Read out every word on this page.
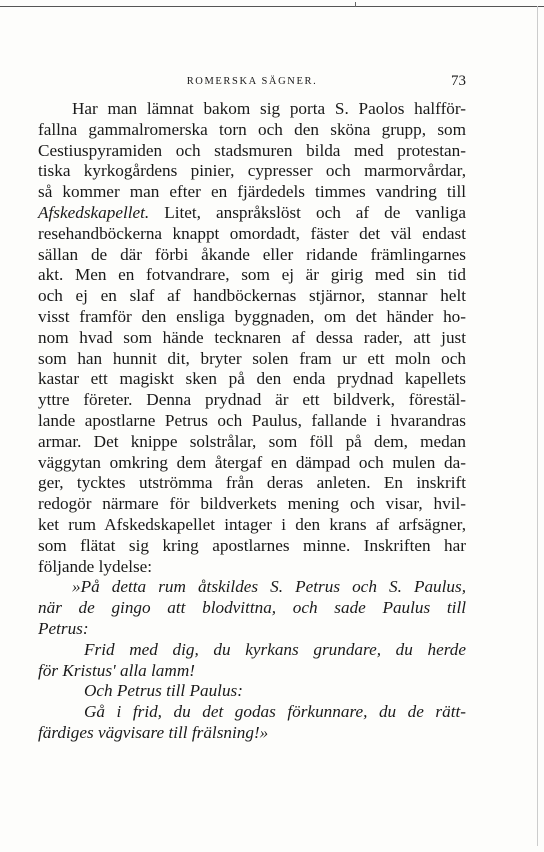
ROMERSKA SÄGNER.	73
Har man lämnat bakom sig porta S. Paolos halfför-
fallna gammalromerska torn och den sköna grupp, som
Cestiuspyramiden och stadsmuren bilda med protestan-
tiska kyrkogårdens pinier, cypresser och marmorvårdar,
så kommer man efter en fjärdedels timmes vandring till
Afskedskapellet. Litet, anspråkslöst och af de vanliga
resehandböckerna knappt omordadt, fäster det väl endast
sällan de där förbi åkande eller ridande främlingarnes
akt. Men en fotvandrare, som ej är girig med sin tid
och ej en slaf af handböckernas stjärnor, stannar helt
visst framför den ensliga byggnaden, om det händer ho-
nom hvad som hände tecknaren af dessa rader, att just
som han hunnit dit, bryter solen fram ur ett moln och
kastar ett magiskt sken på den enda prydnad kapellets
yttre företer. Denna prydnad är ett bildverk, förestäl-
lande apostlarne Petrus och Paulus, fallande i hvarandras
armar. Det knippe solstrålar, som föll på dem, medan
väggytan omkring dem återgaf en dämpad och mulen da-
ger, tycktes utströmma från deras anleten. En inskrift
redogör närmare för bildverkets mening och visar, hvil-
ket rum Afskedskapellet intager i den krans af arfsägner,
som flätat sig kring apostlarnes minne. Inskriften har
följande lydelse:
»På detta rum åtskildes S. Petrus och S. Paulus,
när de gingo att blodvittna, och sade Paulus till
Petrus:
Frid med dig, du kyrkans grundare, du herde
för Kristus' alla lamm!
Och Petrus till Paulus:
Gå i frid, du det godas förkunnare, du de rätt-
färdiges vägvisare till frälsning!»
